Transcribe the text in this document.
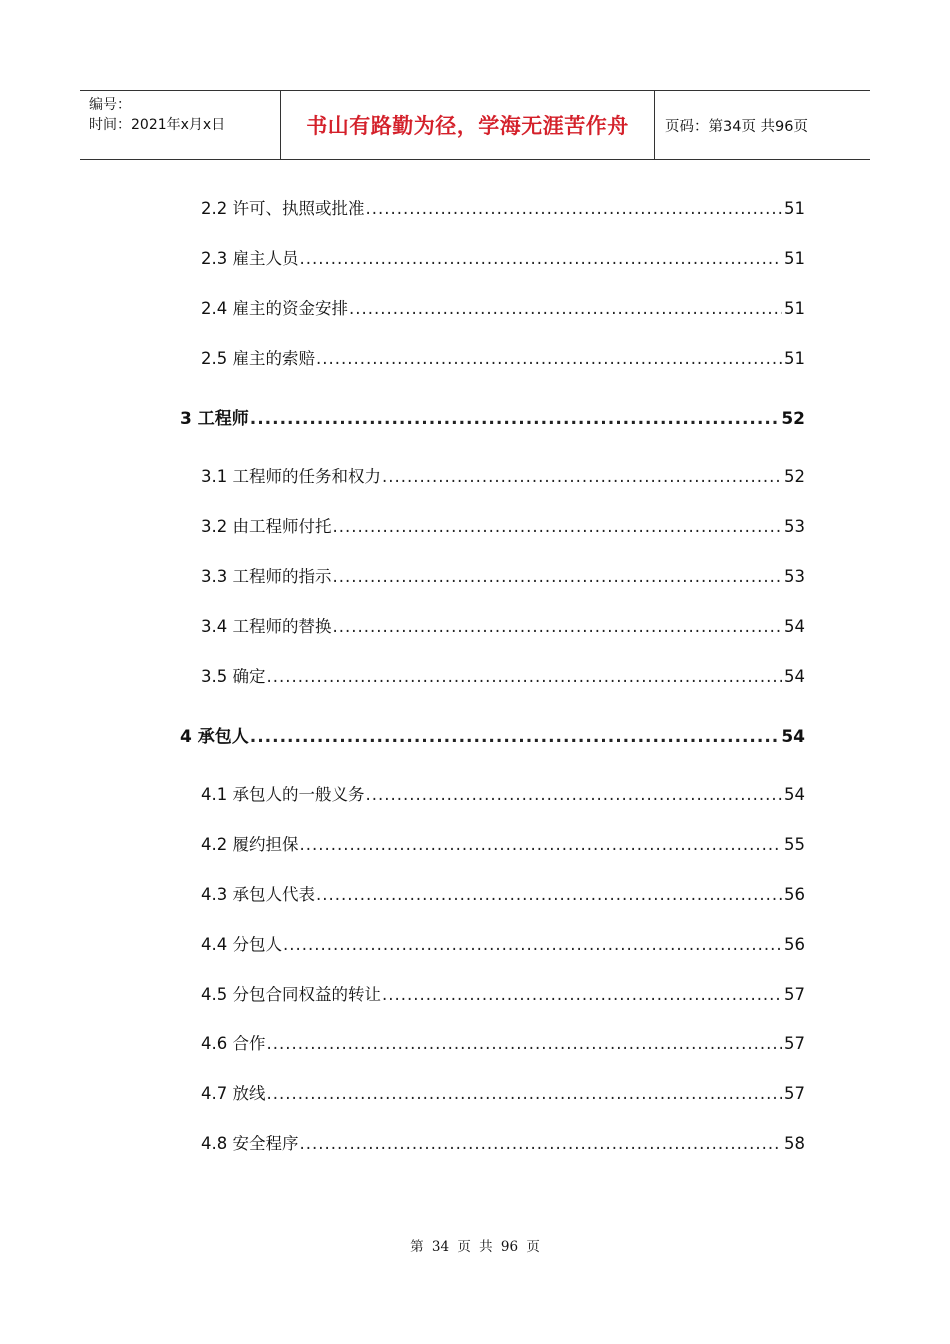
编号：
时间：2021年x月x日	书山有路勤为径，学海无涯苦作舟	页码：第34页 共96页
2.2 许可、执照或批准 .....	51
2.3 雇主人员 .....	51
2.4 雇主的资金安排 .....	51
2.5 雇主的索赔 .....	51
3 工程师 .....	52
3.1 工程师的任务和权力 .....	52
3.2 由工程师付托 .....	53
3.3 工程师的指示 .....	53
3.4 工程师的替换 .....	54
3.5 确定 .....	54
4 承包人 .....	54
4.1 承包人的一般义务 .....	54
4.2 履约担保 .....	55
4.3 承包人代表 .....	56
4.4 分包人 .....	56
4.5 分包合同权益的转让 .....	57
4.6 合作 .....	57
4.7 放线 .....	57
4.8 安全程序 .....	58
第 34 页 共 96 页
